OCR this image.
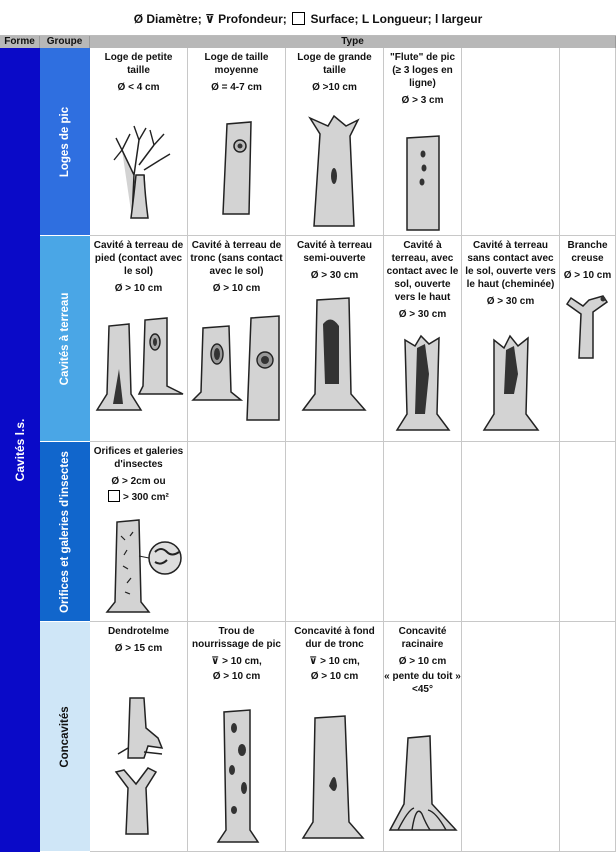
Ø Diamètre; ⊽ Profondeur; Surface; L Longueur; l largeur
Forme	Groupe	Type
Cavités l.s.
Loges de pic
Cavités à terreau
Orifices et galeries d'insectes
Concavités
Loge de petite taille
Ø < 4 cm
Loge de taille moyenne
Ø = 4-7 cm
Loge de grande taille
Ø >10 cm
"Flute" de pic (≥ 3 loges en ligne)
Ø > 3 cm
Cavité à terreau de pied (contact avec le sol)
Ø > 10 cm
Cavité à terreau de tronc (sans contact avec le sol)
Ø > 10 cm
Cavité à terreau semi-ouverte
Ø > 30 cm
Cavité à terreau, avec contact avec le sol, ouverte vers le haut
Ø > 30 cm
Cavité à terreau sans contact avec le sol, ouverte vers le haut (cheminée)
Ø > 30 cm
Branche creuse
Ø > 10 cm
Orifices et galeries d'insectes
Ø > 2cm ou
> 300 cm²
Dendrotelme
Ø > 15 cm
Trou de nourrissage de pic
⊽ > 10 cm,
Ø > 10 cm
Concavité à fond dur de tronc
⊽ > 10 cm,
Ø > 10 cm
Concavité racinaire
Ø > 10 cm
« pente du toit » <45°
